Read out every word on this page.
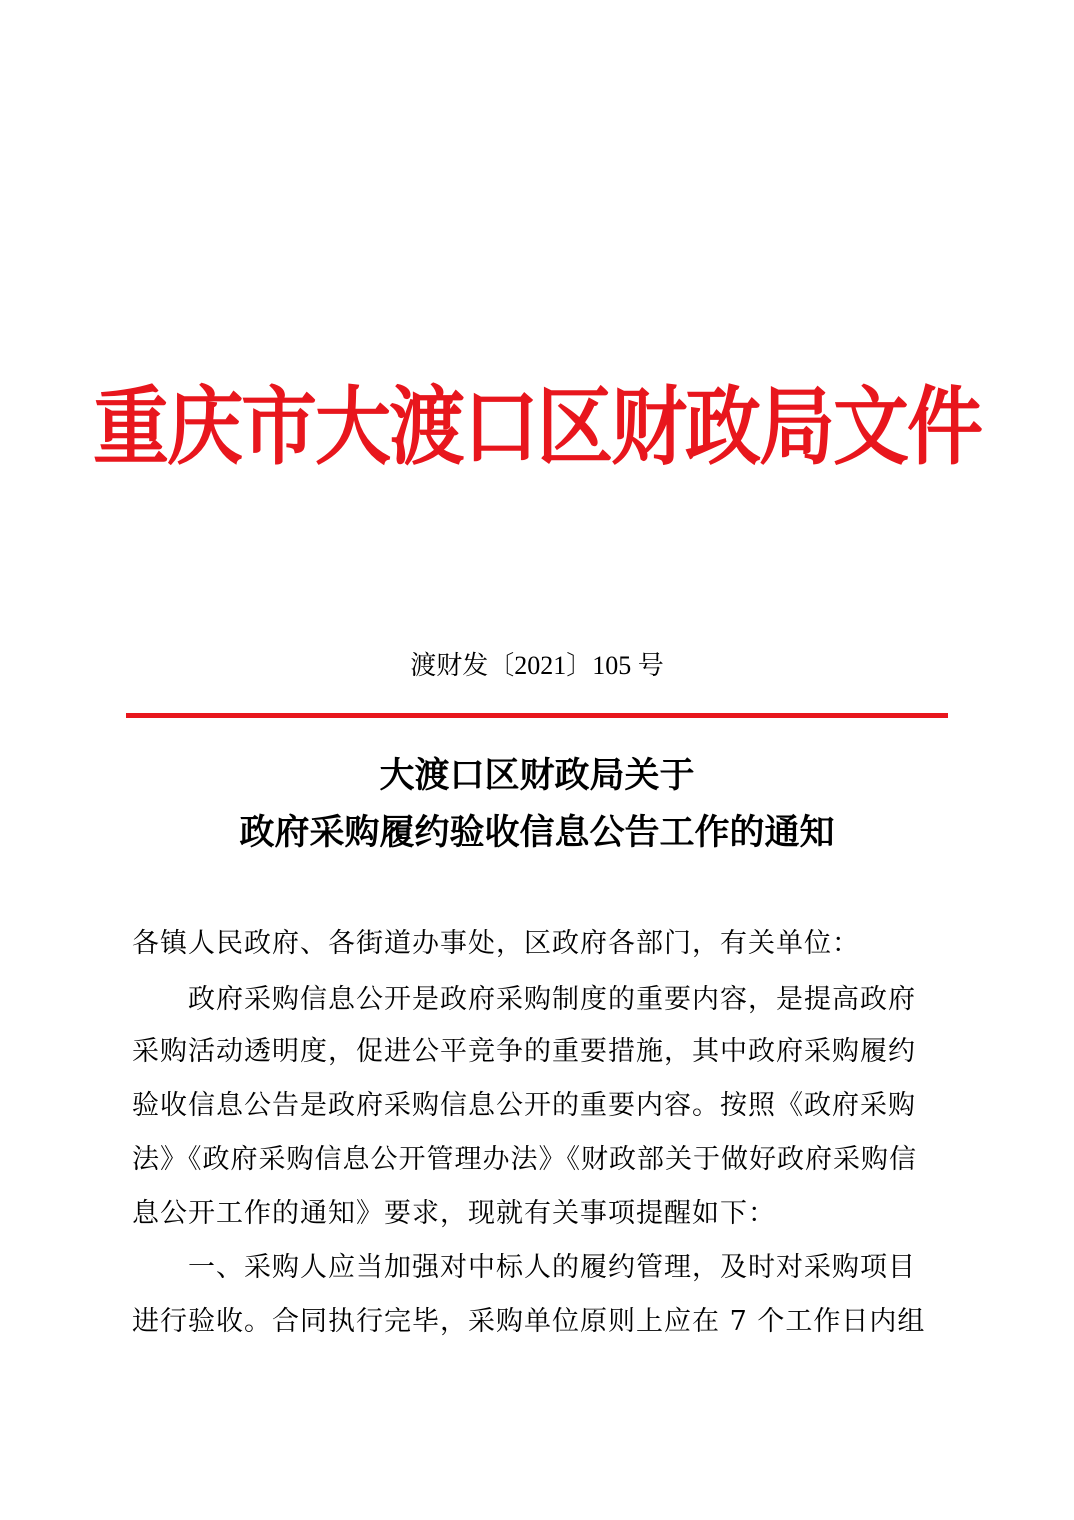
重庆市大渡口区财政局文件
渡财发〔2021〕105 号
大渡口区财政局关于
政府采购履约验收信息公告工作的通知
各镇人民政府、各街道办事处，区政府各部门，有关单位：
政府采购信息公开是政府采购制度的重要内容，是提高政府
采购活动透明度，促进公平竞争的重要措施，其中政府采购履约
验收信息公告是政府采购信息公开的重要内容。按照《政府采购
法》《政府采购信息公开管理办法》《财政部关于做好政府采购信
息公开工作的通知》要求，现就有关事项提醒如下：
一、采购人应当加强对中标人的履约管理，及时对采购项目
进行验收。合同执行完毕，采购单位原则上应在 7 个工作日内组
